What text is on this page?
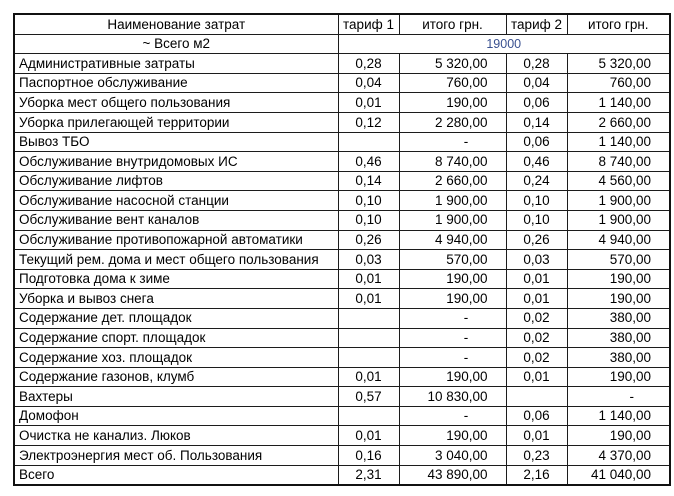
Наименование затрат	тариф 1	итого грн.	тариф 2	итого грн.
~ Всего м2	19000			
Административные затраты	0,28	5 320,00	0,28	5 320,00
Паспортное обслуживание	0,04	760,00	0,04	760,00
Уборка мест общего пользования	0,01	190,00	0,06	1 140,00
Уборка прилегающей территории	0,12	2 280,00	0,14	2 660,00
Вывоз ТБО		-	0,06	1 140,00
Обслуживание внутридомовых ИС	0,46	8 740,00	0,46	8 740,00
Обслуживание лифтов	0,14	2 660,00	0,24	4 560,00
Обслуживание насосной станции	0,10	1 900,00	0,10	1 900,00
Обслуживание вент каналов	0,10	1 900,00	0,10	1 900,00
Обслуживание противопожарной автоматики	0,26	4 940,00	0,26	4 940,00
Текущий рем. дома и мест общего пользования	0,03	570,00	0,03	570,00
Подготовка дома к зиме	0,01	190,00	0,01	190,00
Уборка и вывоз снега	0,01	190,00	0,01	190,00
Содержание дет. площадок		-	0,02	380,00
Содержание спорт. площадок		-	0,02	380,00
Содержание хоз. площадок		-	0,02	380,00
Содержание газонов, клумб	0,01	190,00	0,01	190,00
Вахтеры	0,57	10 830,00		-
Домофон		-	0,06	1 140,00
Очистка не канализ. Люков	0,01	190,00	0,01	190,00
Электроэнергия мест об. Пользования	0,16	3 040,00	0,23	4 370,00
Всего	2,31	43 890,00	2,16	41 040,00
